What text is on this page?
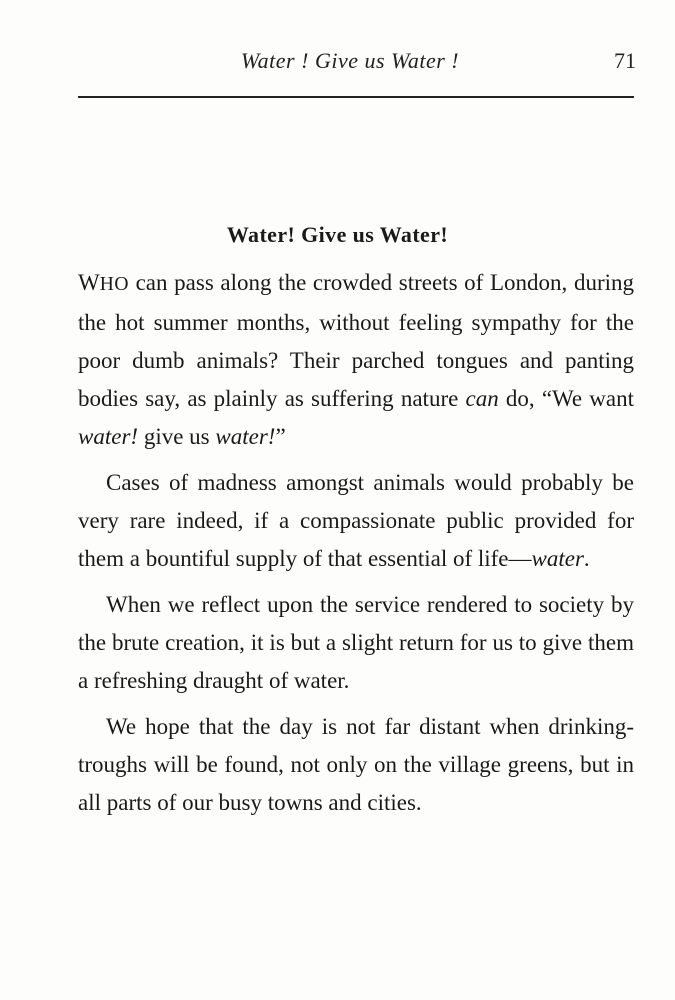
Water ! Give us Water !	71
Water! Give us Water!

WHO can pass along the crowded streets of London, during the hot summer months, without feeling sympathy for the poor dumb animals? Their parched tongues and panting bodies say, as plainly as suffering nature can do, “We want water! give us water!”

Cases of madness amongst animals would probably be very rare indeed, if a compassionate public provided for them a bountiful supply of that essential of life—water.

When we reflect upon the service rendered to society by the brute creation, it is but a slight return for us to give them a refreshing draught of water.

We hope that the day is not far distant when drinking-troughs will be found, not only on the village greens, but in all parts of our busy towns and cities.
